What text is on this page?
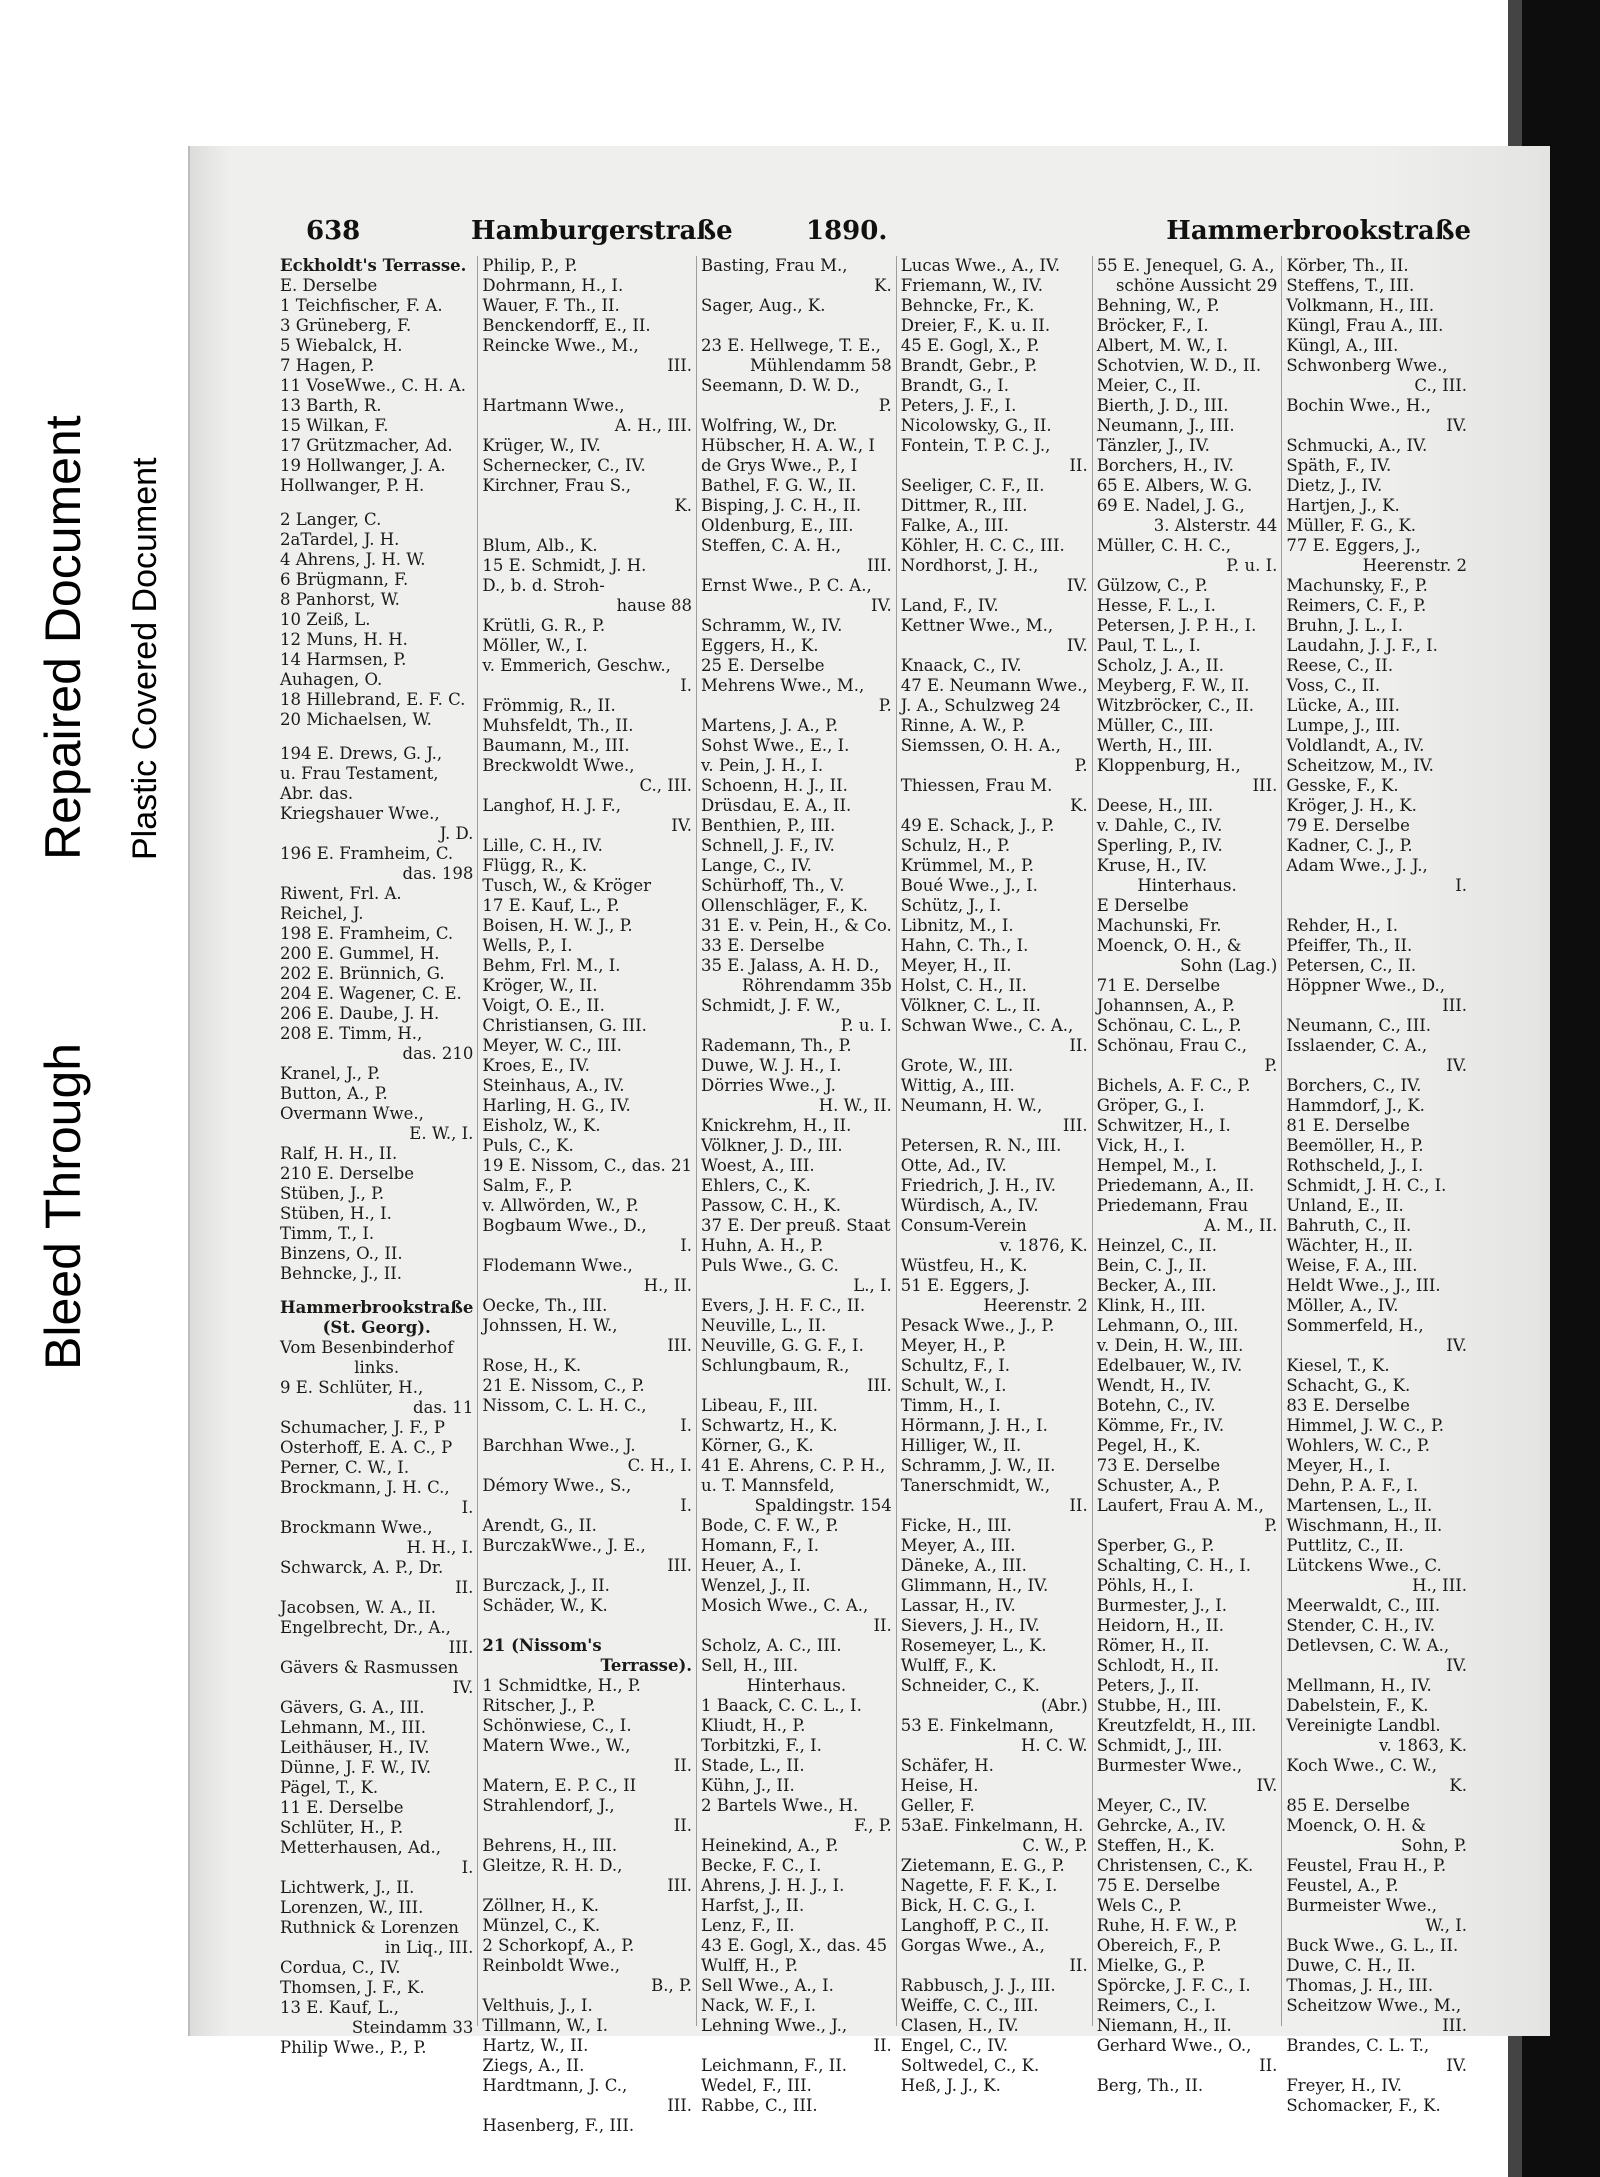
Bleed Through
Repaired Document Plastic Covered Document
638	Hamburgerstraße	1890.	Hammerbrookstraße
Eckholdt's Terrasse.
E. Derselbe
1 Teichfischer, F. A.
3 Grüneberg, F.
5 Wiebalck, H.
7 Hagen, P.
11 VoseWwe., C. H. A.
13 Barth, R.
15 Wilkan, F.
17 Grützmacher, Ad.
19 Hollwanger, J. A.
Hollwanger, P. H.
2 Langer, C.
2aTardel, J. H.
4 Ahrens, J. H. W.
6 Brügmann, F.
8 Panhorst, W.
10 Zeiß, L.
12 Muns, H. H.
14 Harmsen, P.
Auhagen, O.
18 Hillebrand, E. F. C.
20 Michaelsen, W.
194 E. Drews, G. J.,
u. Frau Testament,
Abr. das.
Kriegshauer Wwe.,
J. D.
196 E. Framheim, C.
das. 198
Riwent, Frl. A.
Reichel, J.
198 E. Framheim, C.
200 E. Gummel, H.
202 E. Brünnich, G.
204 E. Wagener, C. E.
206 E. Daube, J. H.
208 E. Timm, H.,
das. 210
Kranel, J., P.
Button, A., P.
Overmann Wwe.,
E. W., I.
Ralf, H. H., II.
210 E. Derselbe
Stüben, J., P.
Stüben, H., I.
Timm, T., I.
Binzens, O., II.
Behncke, J., II.
Hammerbrookstraße
(St. Georg).
Vom Besenbinderhof
links.
9 E. Schlüter, H.,
das. 11
Schumacher, J. F., P
Osterhoff, E. A. C., P
Perner, C. W., I.
Brockmann, J. H. C.,
I.
Brockmann Wwe.,
H. H., I.
Schwarck, A. P., Dr.
II.
Jacobsen, W. A., II.
Engelbrecht, Dr., A.,
III.
Gävers & Rasmussen
IV.
Gävers, G. A., III.
Lehmann, M., III.
Leithäuser, H., IV.
Dünne, J. F. W., IV.
Pägel, T., K.
11 E. Derselbe
Schlüter, H., P.
Metterhausen, Ad.,
I.
Lichtwerk, J., II.
Lorenzen, W., III.
Ruthnick & Lorenzen
in Liq., III.
Cordua, C., IV.
Thomsen, J. F., K.
13 E. Kauf, L.,
Steindamm 33
Philip Wwe., P., P.
Philip, P., P.
Dohrmann, H., I.
Wauer, F. Th., II.
Benckendorff, E., II.
Reincke Wwe., M.,
III.
Hartmann Wwe.,
A. H., III.
Krüger, W., IV.
Schernecker, C., IV.
Kirchner, Frau S.,
K.
Blum, Alb., K.
15 E. Schmidt, J. H.
D., b. d. Stroh-
hause 88
Krütli, G. R., P.
Möller, W., I.
v. Emmerich, Geschw.,
I.
Frömmig, R., II.
Muhsfeldt, Th., II.
Baumann, M., III.
Breckwoldt Wwe.,
C., III.
Langhof, H. J. F.,
IV.
Lille, C. H., IV.
Flügg, R., K.
Tusch, W., & Kröger
17 E. Kauf, L., P.
Boisen, H. W. J., P.
Wells, P., I.
Behm, Frl. M., I.
Kröger, W., II.
Voigt, O. E., II.
Christiansen, G. III.
Meyer, W. C., III.
Kroes, E., IV.
Steinhaus, A., IV.
Harling, H. G., IV.
Eisholz, W., K.
Puls, C., K.
19 E. Nissom, C., das. 21
Salm, F., P.
v. Allwörden, W., P.
Bogbaum Wwe., D.,
I.
Flodemann Wwe.,
H., II.
Oecke, Th., III.
Johnssen, H. W.,
III.
Rose, H., K.
21 E. Nissom, C., P.
Nissom, C. L. H. C.,
I.
Barchhan Wwe., J.
C. H., I.
Démory Wwe., S.,
I.
Arendt, G., II.
BurczakWwe., J. E.,
III.
Burczack, J., II.
Schäder, W., K.
21 (Nissom's
Terrasse).
1 Schmidtke, H., P.
Ritscher, J., P.
Schönwiese, C., I.
Matern Wwe., W.,
II.
Matern, E. P. C., II
Strahlendorf, J.,
II.
Behrens, H., III.
Gleitze, R. H. D.,
III.
Zöllner, H., K.
Münzel, C., K.
2 Schorkopf, A., P.
Reinboldt Wwe.,
B., P.
Velthuis, J., I.
Tillmann, W., I.
Hartz, W., II.
Ziegs, A., II.
Hardtmann, J. C.,
III.
Hasenberg, F., III.
Basting, Frau M.,
K.
Sager, Aug., K.
23 E. Hellwege, T. E.,
Mühlendamm 58
Seemann, D. W. D.,
P.
Wolfring, W., Dr.
Hübscher, H. A. W., I
de Grys Wwe., P., I
Bathel, F. G. W., II.
Bisping, J. C. H., II.
Oldenburg, E., III.
Steffen, C. A. H.,
III.
Ernst Wwe., P. C. A.,
IV.
Schramm, W., IV.
Eggers, H., K.
25 E. Derselbe
Mehrens Wwe., M.,
P.
Martens, J. A., P.
Sohst Wwe., E., I.
v. Pein, J. H., I.
Schoenn, H. J., II.
Drüsdau, E. A., II.
Benthien, P., III.
Schnell, J. F., IV.
Lange, C., IV.
Schürhoff, Th., V.
Ollenschläger, F., K.
31 E. v. Pein, H., & Co.
33 E. Derselbe
35 E. Jalass, A. H. D.,
Röhrendamm 35b
Schmidt, J. F. W.,
P. u. I.
Rademann, Th., P.
Duwe, W. J. H., I.
Dörries Wwe., J.
H. W., II.
Knickrehm, H., II.
Völkner, J. D., III.
Woest, A., III.
Ehlers, C., K.
Passow, C. H., K.
37 E. Der preuß. Staat
Huhn, A. H., P.
Puls Wwe., G. C.
L., I.
Evers, J. H. F. C., II.
Neuville, L., II.
Neuville, G. G. F., I.
Schlungbaum, R.,
III.
Libeau, F., III.
Schwartz, H., K.
Körner, G., K.
41 E. Ahrens, C. P. H.,
u. T. Mannsfeld,
Spaldingstr. 154
Bode, C. F. W., P.
Homann, F., I.
Heuer, A., I.
Wenzel, J., II.
Mosich Wwe., C. A.,
II.
Scholz, A. C., III.
Sell, H., III.
Hinterhaus.
1 Baack, C. C. L., I.
Kliudt, H., P.
Torbitzki, F., I.
Stade, L., II.
Kühn, J., II.
2 Bartels Wwe., H.
F., P.
Heinekind, A., P.
Becke, F. C., I.
Ahrens, J. H. J., I.
Harfst, J., II.
Lenz, F., II.
43 E. Gogl, X., das. 45
Wulff, H., P.
Sell Wwe., A., I.
Nack, W. F., I.
Lehning Wwe., J.,
II.
Leichmann, F., II.
Wedel, F., III.
Rabbe, C., III.
Lucas Wwe., A., IV.
Friemann, W., IV.
Behncke, Fr., K.
Dreier, F., K. u. II.
45 E. Gogl, X., P.
Brandt, Gebr., P.
Brandt, G., I.
Peters, J. F., I.
Nicolowsky, G., II.
Fontein, T. P. C. J.,
II.
Seeliger, C. F., II.
Dittmer, R., III.
Falke, A., III.
Köhler, H. C. C., III.
Nordhorst, J. H.,
IV.
Land, F., IV.
Kettner Wwe., M.,
IV.
Knaack, C., IV.
47 E. Neumann Wwe.,
J. A., Schulzweg 24
Rinne, A. W., P.
Siemssen, O. H. A.,
P.
Thiessen, Frau M.
K.
49 E. Schack, J., P.
Schulz, H., P.
Krümmel, M., P.
Boué Wwe., J., I.
Schütz, J., I.
Libnitz, M., I.
Hahn, C. Th., I.
Meyer, H., II.
Holst, C. H., II.
Völkner, C. L., II.
Schwan Wwe., C. A.,
II.
Grote, W., III.
Wittig, A., III.
Neumann, H. W.,
III.
Petersen, R. N., III.
Otte, Ad., IV.
Friedrich, J. H., IV.
Würdisch, A., IV.
Consum-Verein
v. 1876, K.
Wüstfeu, H., K.
51 E. Eggers, J.
Heerenstr. 2
Pesack Wwe., J., P.
Meyer, H., P.
Schultz, F., I.
Schult, W., I.
Timm, H., I.
Hörmann, J. H., I.
Hilliger, W., II.
Schramm, J. W., II.
Tanerschmidt, W.,
II.
Ficke, H., III.
Meyer, A., III.
Däneke, A., III.
Glimmann, H., IV.
Lassar, H., IV.
Sievers, J. H., IV.
Rosemeyer, L., K.
Wulff, F., K.
Schneider, C., K.
(Abr.)
53 E. Finkelmann,
H. C. W.
Schäfer, H.
Heise, H.
Geller, F.
53aE. Finkelmann, H.
C. W., P.
Zietemann, E. G., P.
Nagette, F. F. K., I.
Bick, H. C. G., I.
Langhoff, P. C., II.
Gorgas Wwe., A.,
II.
Rabbusch, J. J., III.
Weiffe, C. C., III.
Clasen, H., IV.
Engel, C., IV.
Soltwedel, C., K.
Heß, J. J., K.
55 E. Jenequel, G. A.,
schöne Aussicht 29
Behning, W., P.
Bröcker, F., I.
Albert, M. W., I.
Schotvien, W. D., II.
Meier, C., II.
Bierth, J. D., III.
Neumann, J., III.
Tänzler, J., IV.
Borchers, H., IV.
65 E. Albers, W. G.
69 E. Nadel, J. G.,
3. Alsterstr. 44
Müller, C. H. C.,
P. u. I.
Gülzow, C., P.
Hesse, F. L., I.
Petersen, J. P. H., I.
Paul, T. L., I.
Scholz, J. A., II.
Meyberg, F. W., II.
Witzbröcker, C., II.
Müller, C., III.
Werth, H., III.
Kloppenburg, H.,
III.
Deese, H., III.
v. Dahle, C., IV.
Sperling, P., IV.
Kruse, H., IV.
Hinterhaus.
E Derselbe
Machunski, Fr.
Moenck, O. H., &
Sohn (Lag.)
71 E. Derselbe
Johannsen, A., P.
Schönau, C. L., P.
Schönau, Frau C.,
P.
Bichels, A. F. C., P.
Gröper, G., I.
Schwitzer, H., I.
Vick, H., I.
Hempel, M., I.
Priedemann, A., II.
Priedemann, Frau
A. M., II.
Heinzel, C., II.
Bein, C. J., II.
Becker, A., III.
Klink, H., III.
Lehmann, O., III.
v. Dein, H. W., III.
Edelbauer, W., IV.
Wendt, H., IV.
Botehn, C., IV.
Kömme, Fr., IV.
Pegel, H., K.
73 E. Derselbe
Schuster, A., P.
Laufert, Frau A. M.,
P.
Sperber, G., P.
Schalting, C. H., I.
Pöhls, H., I.
Burmester, J., I.
Heidorn, H., II.
Römer, H., II.
Schlodt, H., II.
Peters, J., II.
Stubbe, H., III.
Kreutzfeldt, H., III.
Schmidt, J., III.
Burmester Wwe.,
IV.
Meyer, C., IV.
Gehrcke, A., IV.
Steffen, H., K.
Christensen, C., K.
75 E. Derselbe
Wels C., P.
Ruhe, H. F. W., P.
Obereich, F., P.
Mielke, G., P.
Spörcke, J. F. C., I.
Reimers, C., I.
Niemann, H., II.
Gerhard Wwe., O.,
II.
Berg, Th., II.
Körber, Th., II.
Steffens, T., III.
Volkmann, H., III.
Küngl, Frau A., III.
Küngl, A., III.
Schwonberg Wwe.,
C., III.
Bochin Wwe., H.,
IV.
Schmucki, A., IV.
Späth, F., IV.
Dietz, J., IV.
Hartjen, J., K.
Müller, F. G., K.
77 E. Eggers, J.,
Heerenstr. 2
Machunsky, F., P.
Reimers, C. F., P.
Bruhn, J. L., I.
Laudahn, J. J. F., I.
Reese, C., II.
Voss, C., II.
Lücke, A., III.
Lumpe, J., III.
Voldlandt, A., IV.
Scheitzow, M., IV.
Gesske, F., K.
Kröger, J. H., K.
79 E. Derselbe
Kadner, C. J., P.
Adam Wwe., J. J.,
I.
Rehder, H., I.
Pfeiffer, Th., II.
Petersen, C., II.
Höppner Wwe., D.,
III.
Neumann, C., III.
Isslaender, C. A.,
IV.
Borchers, C., IV.
Hammdorf, J., K.
81 E. Derselbe
Beemöller, H., P.
Rothscheld, J., I.
Schmidt, J. H. C., I.
Unland, E., II.
Bahruth, C., II.
Wächter, H., II.
Weise, F. A., III.
Heldt Wwe., J., III.
Möller, A., IV.
Sommerfeld, H.,
IV.
Kiesel, T., K.
Schacht, G., K.
83 E. Derselbe
Himmel, J. W. C., P.
Wohlers, W. C., P.
Meyer, H., I.
Dehn, P. A. F., I.
Martensen, L., II.
Wischmann, H., II.
Puttlitz, C., II.
Lütckens Wwe., C.
H., III.
Meerwaldt, C., III.
Stender, C. H., IV.
Detlevsen, C. W. A.,
IV.
Mellmann, H., IV.
Dabelstein, F., K.
Vereinigte Landbl.
v. 1863, K.
Koch Wwe., C. W.,
K.
85 E. Derselbe
Moenck, O. H. &
Sohn, P.
Feustel, Frau H., P.
Feustel, A., P.
Burmeister Wwe.,
W., I.
Buck Wwe., G. L., II.
Duwe, C. H., II.
Thomas, J. H., III.
Scheitzow Wwe., M.,
III.
Brandes, C. L. T.,
IV.
Freyer, H., IV.
Schomacker, F., K.
